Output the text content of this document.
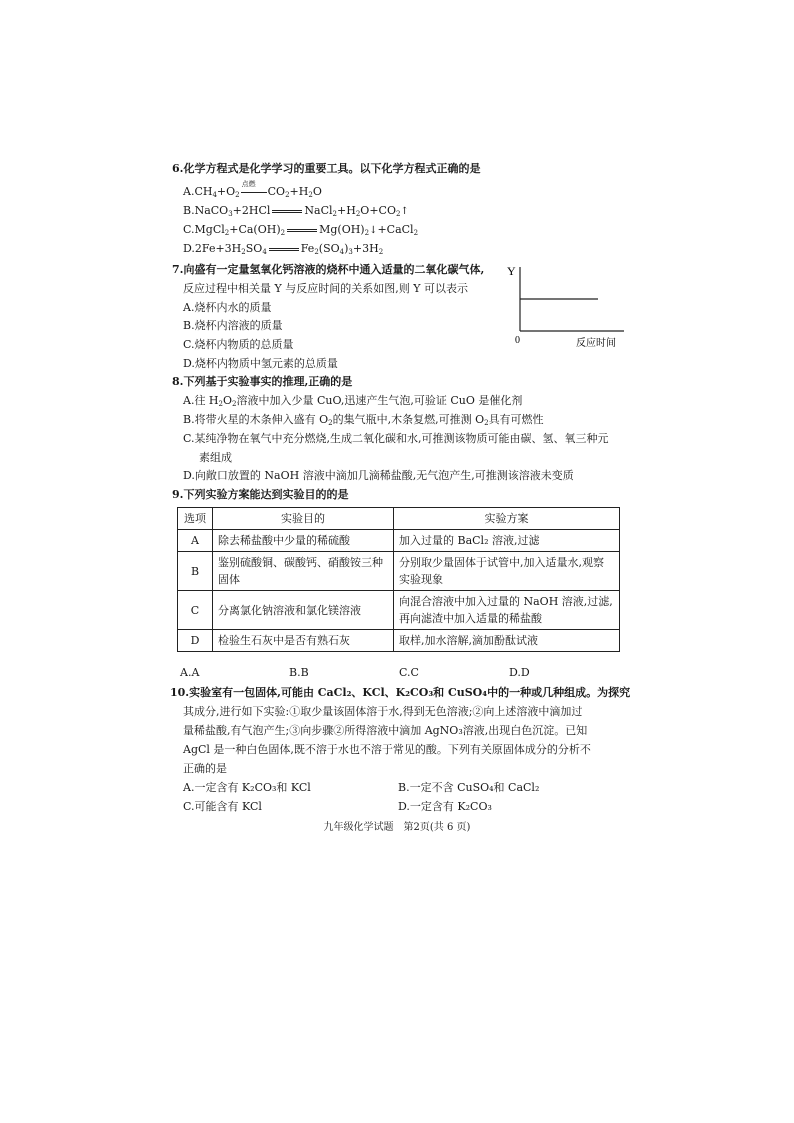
6.化学方程式是化学学习的重要工具。以下化学方程式正确的是
$A.CH_4+O_2$
点燃
$CO_2+H_2O$
B.NaCO$_3$+2HCl	$NaCl_2+H_2O+CO_2↑$
$C.MgCl_2+Ca(OH)_2$	$Mg(OH)_2↓+CaCl_2$
$D.2Fe+3H_2SO_4$	$Fe_2(SO_4)_3+3H_2$
7.向盛有一定量氢氧化钙溶液的烧杯中通入适量的二氧化碳气体,
反应过程中相关量 Y 与反应时间的关系如图,则 Y 可以表示
A.烧杯内水的质量
B.烧杯内溶液的质量
C.烧杯内物质的总质量
D.烧杯内物质中氢元素的总质量
Y
0	反应时间
8.下列基于实验事实的推理,正确的是
A.往 $H_2O_2$溶液中加入少量 CuO,迅速产生气泡,可验证 CuO 是催化剂
B.将带火星的木条伸入盛有 $O_2$的集气瓶中,木条复燃,可推测 $O_2$具有可燃性
C.某纯净物在氧气中充分燃烧,生成二氧化碳和水,可推测该物质可能由碳、氢、氧三种元
素组成
D.向敞口放置的 NaOH 溶液中滴加几滴稀盐酸,无气泡产生,可推测该溶液未变质
9.下列实验方案能达到实验目的的是
选项	实验目的	实验方案
A	除去稀盐酸中少量的稀硫酸	加入过量的 BaCl₂ 溶液,过滤
B	鉴别硫酸铜、碳酸钙、硝酸铵三种固体	分别取少量固体于试管中,加入适量水,观察实验现象
C	分离氯化钠溶液和氯化镁溶液	向混合溶液中加入过量的 NaOH 溶液,过滤,再向滤渣中加入适量的稀盐酸
D	检验生石灰中是否有熟石灰	取样,加水溶解,滴加酚酞试液
A.A	B.B	C.C	D.D
10.实验室有一包固体,可能由 CaCl₂、KCl、K₂CO₃和 CuSO₄中的一种或几种组成。为探究
其成分,进行如下实验:①取少量该固体溶于水,得到无色溶液;②向上述溶液中滴加过
量稀盐酸,有气泡产生;③向步骤②所得溶液中滴加 AgNO₃溶液,出现白色沉淀。已知
AgCl 是一种白色固体,既不溶于水也不溶于常见的酸。下列有关原固体成分的分析不
正确的是
A.一定含有 K₂CO₃和 KCl	B.一定不含 CuSO₄和 CaCl₂
C.可能含有 KCl	D.一定含有 K₂CO₃
九年级化学试题　第2页(共 6 页)
